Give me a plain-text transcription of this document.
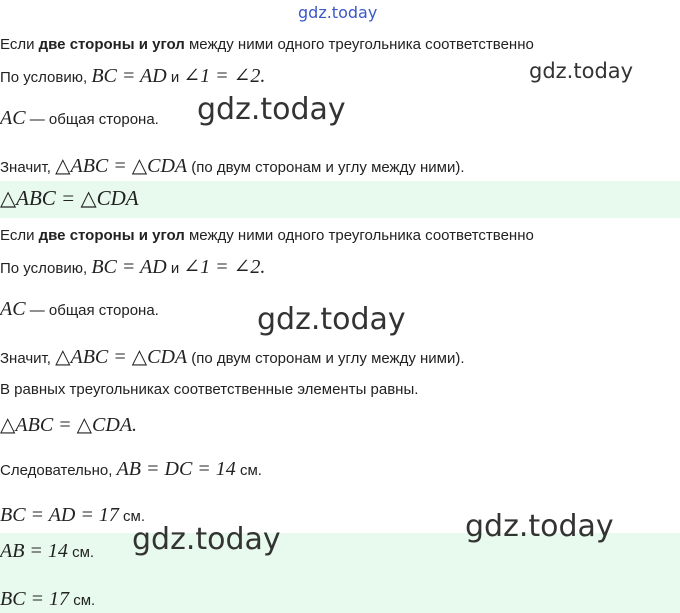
gdz.today
gdz.today
gdz.today
gdz.today
gdz.today
gdz.today
Если две стороны и угол между ними одного треугольника соответственно
По условию, BC = AD и ∠1 = ∠2.
AC — общая сторона.
Значит, △ABC = △CDA (по двум сторонам и углу между ними).
△ABC = △CDA
Если две стороны и угол между ними одного треугольника соответственно
По условию, BC = AD и ∠1 = ∠2.
AC — общая сторона.
Значит, △ABC = △CDA (по двум сторонам и углу между ними).
В равных треугольниках соответственные элементы равны.
△ABC = △CDA.
Следовательно, AB = DC = 14 см.
BC = AD = 17 см.
AB = 14 см.
BC = 17 см.
